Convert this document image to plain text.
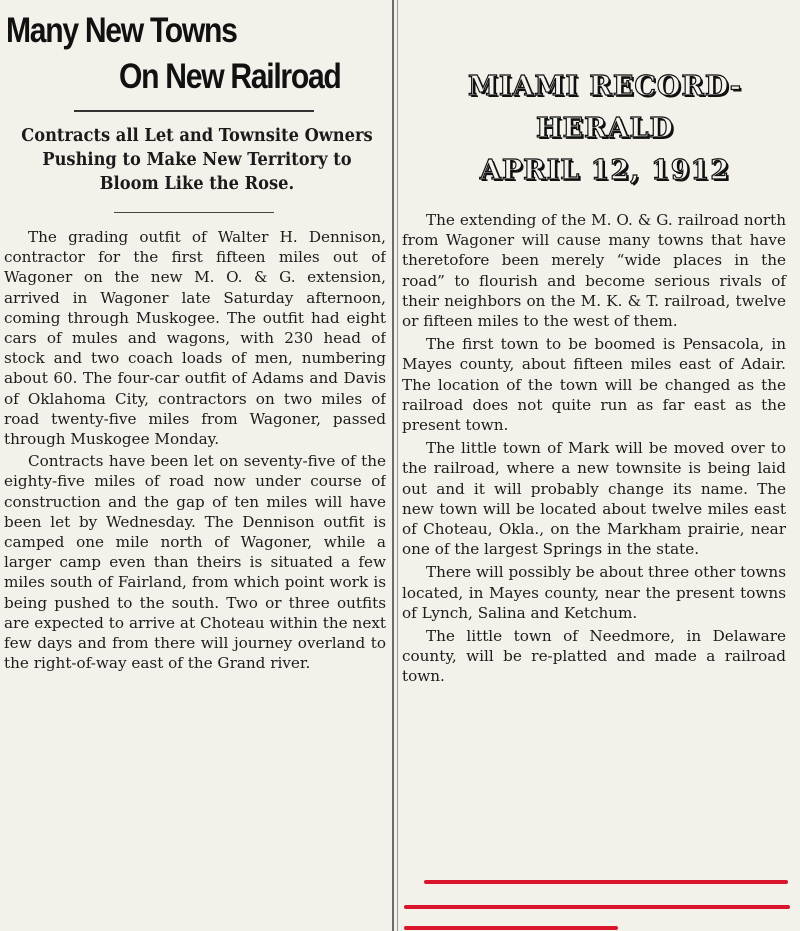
Many New Towns
On New Railroad
Contracts all Let and Townsite Owners Pushing to Make New Territory to Bloom Like the Rose.

The grading outfit of Walter H. Dennison, contractor for the first fifteen miles out of Wagoner on the new M. O. & G. extension, arrived in Wagoner late Saturday afternoon, coming through Muskogee. The outfit had eight cars of mules and wagons, with 230 head of stock and two coach loads of men, numbering about 60. The four-car outfit of Adams and Davis of Oklahoma City, contractors on two miles of road twenty-five miles from Wagoner, passed through Muskogee Monday.

Contracts have been let on seventy-five of the eighty-five miles of road now under course of construction and the gap of ten miles will have been let by Wednesday. The Dennison outfit is camped one mile north of Wagoner, while a larger camp even than theirs is situated a few miles south of Fairland, from which point work is being pushed to the south. Two or three outfits are expected to arrive at Choteau within the next few days and from there will journey overland to the right-of-way east of the Grand river.

MIAMI RECORD-HERALD
APRIL 12, 1912

The extending of the M. O. & G. railroad north from Wagoner will cause many towns that have theretofore been merely “wide places in the road” to flourish and become serious rivals of their neighbors on the M. K. & T. railroad, twelve or fifteen miles to the west of them.

The first town to be boomed is Pensacola, in Mayes county, about fifteen miles east of Adair. The location of the town will be changed as the railroad does not quite run as far east as the present town.

The little town of Mark will be moved over to the railroad, where a new townsite is being laid out and it will probably change its name. The new town will be located about twelve miles east of Choteau, Okla., on the Markham prairie, near one of the largest Springs in the state.

There will possibly be about three other towns located, in Mayes county, near the present towns of Lynch, Salina and Ketchum.

The little town of Needmore, in Delaware county, will be re-platted and made a railroad town.
